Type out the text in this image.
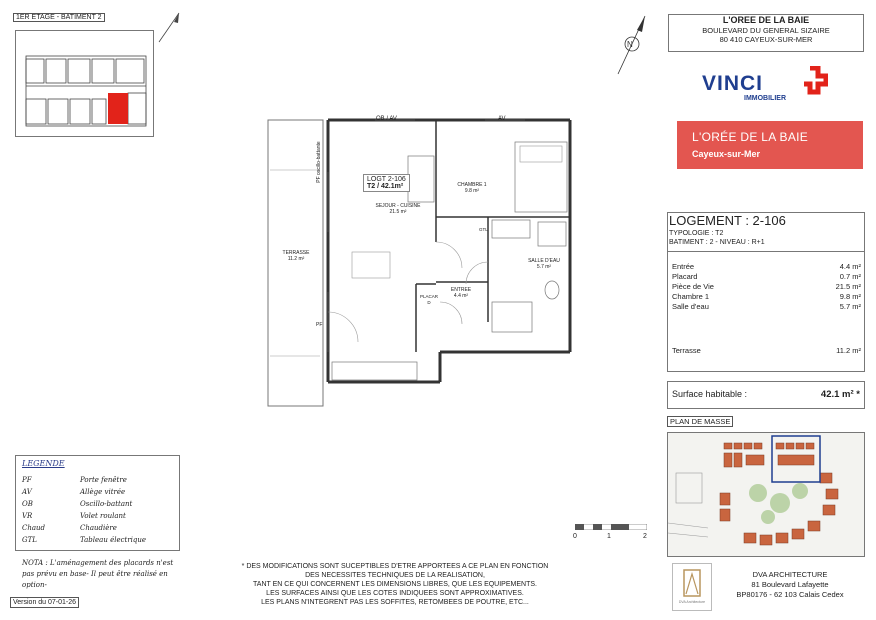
1ER ETAGE - BATIMENT 2
N
OB / AV	AV
PF oscillo-battante
PF
PLACARD
GTL
LOGT 2-106
T2 / 42.1m²
SEJOUR - CUISINE
21.5 m²
CHAMBRE 1
9.8 m²
SALLE D'EAU
5.7 m²
ENTREE
4.4 m²
TERRASSE
11.2 m²
LEGENDE
PF	Porte fenêtre
AV	Allège vitrée
OB	Oscillo-battant
VR	Volet roulant
Chaud	Chaudière
GTL	Tableau électrique
NOTA : L'aménagement des placards n'est pas prévu en base- Il peut être réalisé en option-
Version du 07-01-26
* DES MODIFICATIONS SONT SUCEPTIBLES D'ETRE APPORTEES A CE PLAN EN FONCTION
DES NECESSITES TECHNIQUES DE LA REALISATION,
TANT EN CE QUI CONCERNENT LES DIMENSIONS LIBRES, QUE LES EQUIPEMENTS.
LES SURFACES AINSI QUE LES COTES INDIQUEES SONT APPROXIMATIVES.
LES PLANS N'INTEGRENT PAS LES SOFFITES, RETOMBEES DE POUTRE, ETC...
0	1	2
L'OREE DE LA BAIE
BOULEVARD DU GENERAL SIZAIRE
80 410 CAYEUX-SUR-MER
VINCI
IMMOBILIER
L'ORÉE DE LA BAIE
Cayeux-sur-Mer
LOGEMENT : 2-106
TYPOLOGIE : T2
BATIMENT : 2 - NIVEAU : R+1
Entrée	4.4 m²
Placard	0.7 m²
Pièce de Vie	21.5 m²
Chambre 1	9.8 m²
Salle d'eau	5.7 m²
Terrasse	11.2 m²
Surface habitable :	42.1 m² *
PLAN DE MASSE
DVA Architecture
DVA ARCHITECTURE
81 Boulevard Lafayette
BP80176 - 62 103 Calais Cedex
